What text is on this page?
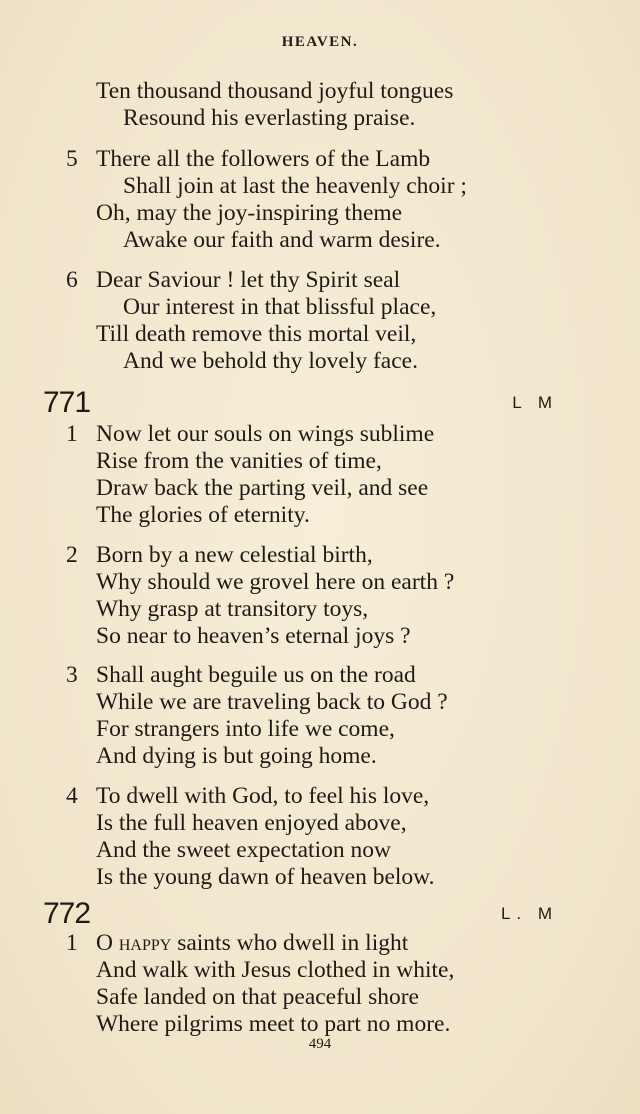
HEAVEN.
Ten thousand thousand joyful tongues
Resound his everlasting praise.
5 There all the followers of the Lamb
Shall join at last the heavenly choir ;
Oh, may the joy-inspiring theme
Awake our faith and warm desire.
6 Dear Saviour ! let thy Spirit seal
Our interest in that blissful place,
Till death remove this mortal veil,
And we behold thy lovely face.
771	L M
1 Now let our souls on wings sublime
Rise from the vanities of time,
Draw back the parting veil, and see
The glories of eternity.
2 Born by a new celestial birth,
Why should we grovel here on earth ?
Why grasp at transitory toys,
So near to heaven’s eternal joys ?
3 Shall aught beguile us on the road
While we are traveling back to God ?
For strangers into life we come,
And dying is but going home.
4 To dwell with God, to feel his love,
Is the full heaven enjoyed above,
And the sweet expectation now
Is the young dawn of heaven below.
772	L. M
1 O happy saints who dwell in light
And walk with Jesus clothed in white,
Safe landed on that peaceful shore
Where pilgrims meet to part no more.
494
